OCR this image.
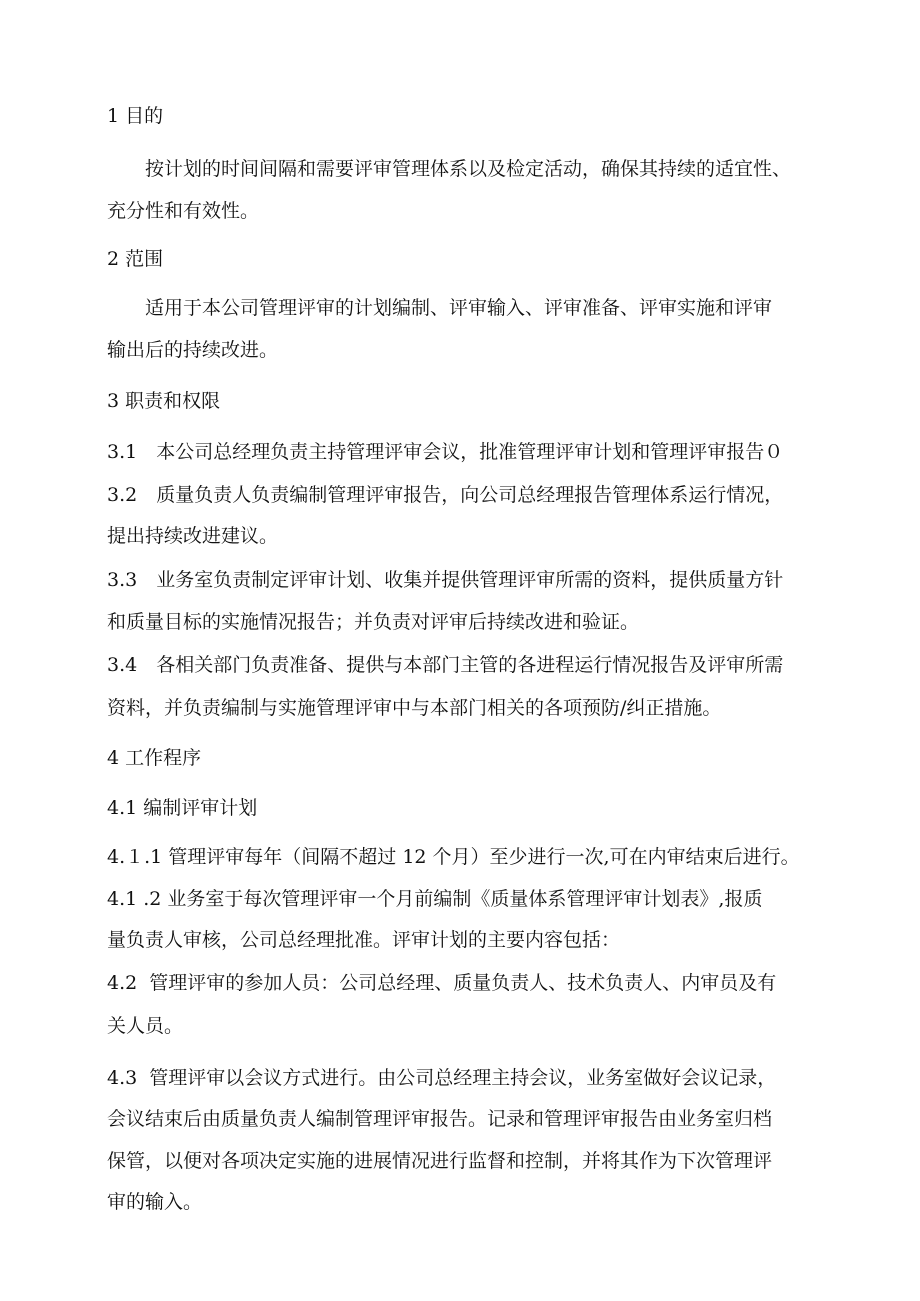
1 目的

按计划的时间间隔和需要评审管理体系以及检定活动，确保其持续的适宜性、

充分性和有效性。

2 范围

适用于本公司管理评审的计划编制、评审输入、评审准备、评审实施和评审

输出后的持续改进。

3 职责和权限

3.1　本公司总经理负责主持管理评审会议，批准管理评审计划和管理评审报告０

3.2　质量负责人负责编制管理评审报告，向公司总经理报告管理体系运行情况，

提出持续改进建议。

3.3　业务室负责制定评审计划、收集并提供管理评审所需的资料，提供质量方针

和质量目标的实施情况报告；并负责对评审后持续改进和验证。

3.4　各相关部门负责准备、提供与本部门主管的各进程运行情况报告及评审所需

资料，并负责编制与实施管理评审中与本部门相关的各项预防/纠正措施。

4 工作程序

4.1 编制评审计划

4.１.1 管理评审每年（间隔不超过 12 个月）至少进行一次,可在内审结束后进行。

4.1 .2 业务室于每次管理评审一个月前编制《质量体系管理评审计划表》,报质

量负责人审核，公司总经理批准。评审计划的主要内容包括：

4.2  管理评审的参加人员：公司总经理、质量负责人、技术负责人、内审员及有

关人员。

4.3  管理评审以会议方式进行。由公司总经理主持会议，业务室做好会议记录，

会议结束后由质量负责人编制管理评审报告。记录和管理评审报告由业务室归档

保管，以便对各项决定实施的进展情况进行监督和控制，并将其作为下次管理评

审的输入。
